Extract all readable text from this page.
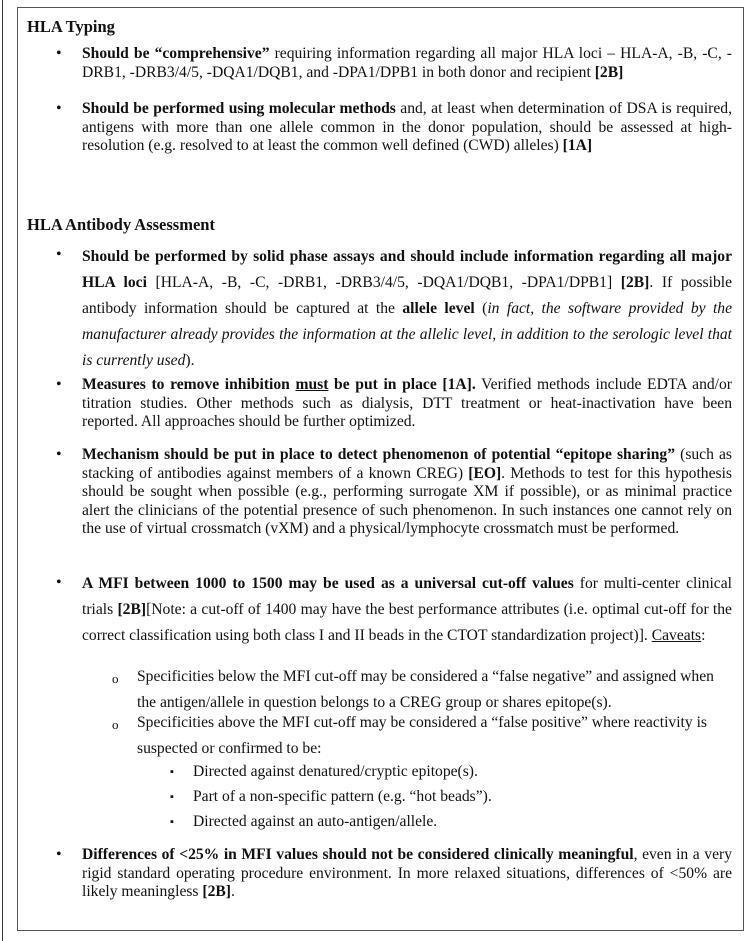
HLA Typing
• Should be “comprehensive” requiring information regarding all major HLA loci – HLA-A, -B, -C, -DRB1, -DRB3/4/5, -DQA1/DQB1, and -DPA1/DPB1 in both donor and recipient [2B]
• Should be performed using molecular methods and, at least when determination of DSA is required, antigens with more than one allele common in the donor population, should be assessed at high-resolution (e.g. resolved to at least the common well defined (CWD) alleles) [1A]
HLA Antibody Assessment
• Should be performed by solid phase assays and should include information regarding all major HLA loci [HLA-A, -B, -C, -DRB1, -DRB3/4/5, -DQA1/DQB1, -DPA1/DPB1] [2B]. If possible antibody information should be captured at the allele level (in fact, the software provided by the manufacturer already provides the information at the allelic level, in addition to the serologic level that is currently used).
• Measures to remove inhibition must be put in place [1A]. Verified methods include EDTA and/or titration studies. Other methods such as dialysis, DTT treatment or heat-inactivation have been reported. All approaches should be further optimized.
• Mechanism should be put in place to detect phenomenon of potential “epitope sharing” (such as stacking of antibodies against members of a known CREG) [EO]. Methods to test for this hypothesis should be sought when possible (e.g., performing surrogate XM if possible), or as minimal practice alert the clinicians of the potential presence of such phenomenon. In such instances one cannot rely on the use of virtual crossmatch (vXM) and a physical/lymphocyte crossmatch must be performed.
• A MFI between 1000 to 1500 may be used as a universal cut-off values for multi-center clinical trials [2B][Note: a cut-off of 1400 may have the best performance attributes (i.e. optimal cut-off for the correct classification using both class I and II beads in the CTOT standardization project)]. Caveats:
o Specificities below the MFI cut-off may be considered a “false negative” and assigned when the antigen/allele in question belongs to a CREG group or shares epitope(s).
o Specificities above the MFI cut-off may be considered a “false positive” where reactivity is suspected or confirmed to be:
▪ Directed against denatured/cryptic epitope(s).
▪ Part of a non-specific pattern (e.g. “hot beads”).
▪ Directed against an auto-antigen/allele.
• Differences of <25% in MFI values should not be considered clinically meaningful, even in a very rigid standard operating procedure environment. In more relaxed situations, differences of <50% are likely meaningless [2B].
